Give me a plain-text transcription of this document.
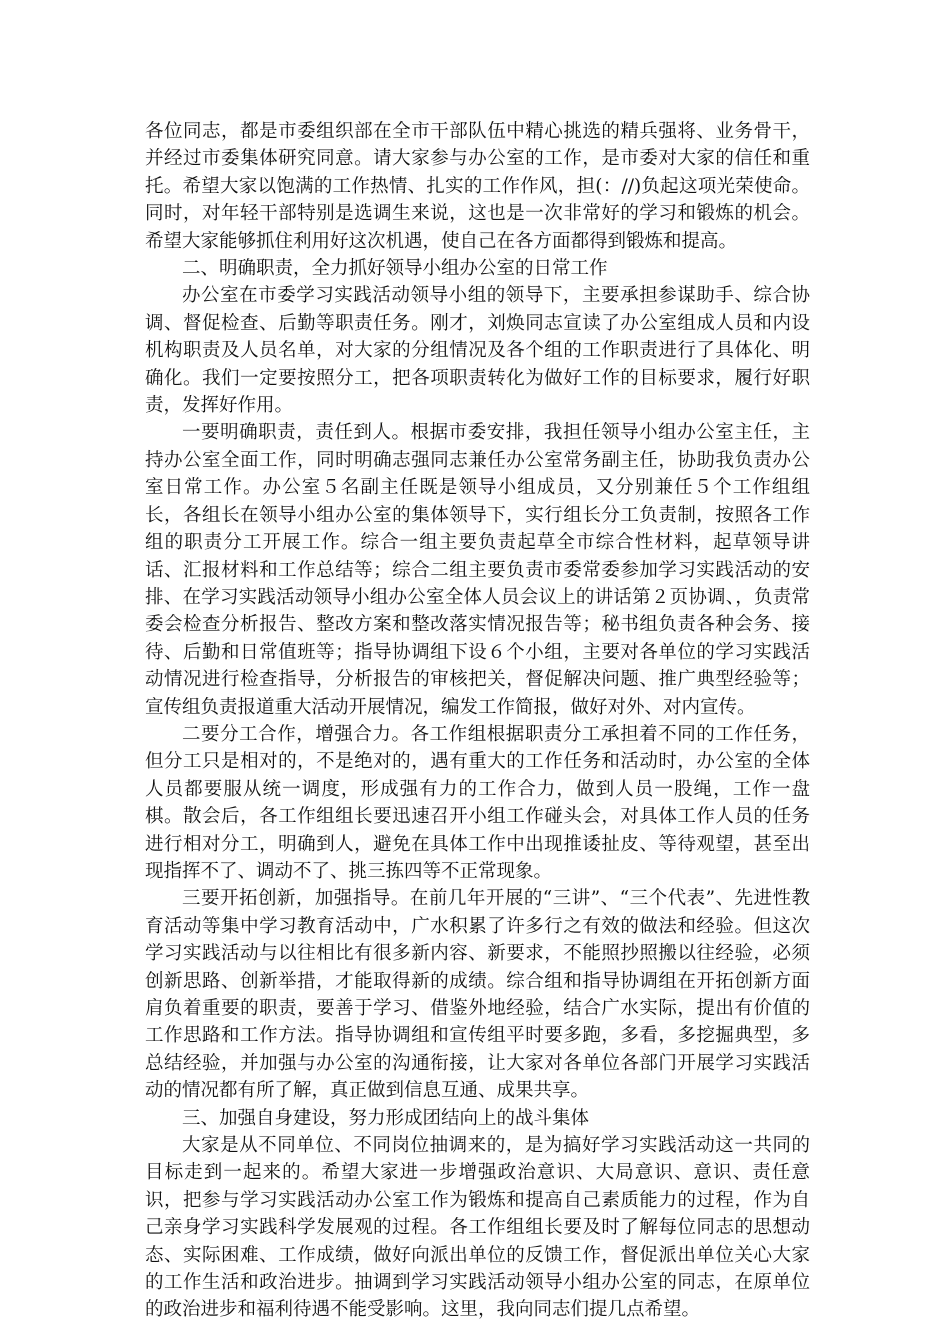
各位同志，都是市委组织部在全市干部队伍中精心挑选的精兵强将、业务骨干，并经过市委集体研究同意。请大家参与办公室的工作，是市委对大家的信任和重托。希望大家以饱满的工作热情、扎实的工作作风，担(：//)负起这项光荣使命。同时，对年轻干部特别是选调生来说，这也是一次非常好的学习和锻炼的机会。希望大家能够抓住利用好这次机遇，使自己在各方面都得到锻炼和提高。

二、明确职责，全力抓好领导小组办公室的日常工作

办公室在市委学习实践活动领导小组的领导下，主要承担参谋助手、综合协调、督促检查、后勤等职责任务。刚才，刘焕同志宣读了办公室组成人员和内设机构职责及人员名单，对大家的分组情况及各个组的工作职责进行了具体化、明确化。我们一定要按照分工，把各项职责转化为做好工作的目标要求，履行好职责，发挥好作用。

一要明确职责，责任到人。根据市委安排，我担任领导小组办公室主任，主持办公室全面工作，同时明确志强同志兼任办公室常务副主任，协助我负责办公室日常工作。办公室５名副主任既是领导小组成员，又分别兼任５个工作组组长，各组长在领导小组办公室的集体领导下，实行组长分工负责制，按照各工作组的职责分工开展工作。综合一组主要负责起草全市综合性材料，起草领导讲话、汇报材料和工作总结等；综合二组主要负责市委常委参加学习实践活动的安排、在学习实践活动领导小组办公室全体人员会议上的讲话第２页协调、，负责常委会检查分析报告、整改方案和整改落实情况报告等；秘书组负责各种会务、接待、后勤和日常值班等；指导协调组下设６个小组，主要对各单位的学习实践活动情况进行检查指导，分析报告的审核把关，督促解决问题、推广典型经验等；宣传组负责报道重大活动开展情况，编发工作简报，做好对外、对内宣传。

二要分工合作，增强合力。各工作组根据职责分工承担着不同的工作任务，但分工只是相对的，不是绝对的，遇有重大的工作任务和活动时，办公室的全体人员都要服从统一调度，形成强有力的工作合力，做到人员一股绳，工作一盘棋。散会后，各工作组组长要迅速召开小组工作碰头会，对具体工作人员的任务进行相对分工，明确到人，避免在具体工作中出现推诿扯皮、等待观望，甚至出现指挥不了、调动不了、挑三拣四等不正常现象。

三要开拓创新，加强指导。在前几年开展的“三讲”、“三个代表”、先进性教育活动等集中学习教育活动中，广水积累了许多行之有效的做法和经验。但这次学习实践活动与以往相比有很多新内容、新要求，不能照抄照搬以往经验，必须创新思路、创新举措，才能取得新的成绩。综合组和指导协调组在开拓创新方面肩负着重要的职责，要善于学习、借鉴外地经验，结合广水实际，提出有价值的工作思路和工作方法。指导协调组和宣传组平时要多跑，多看，多挖掘典型，多总结经验，并加强与办公室的沟通衔接，让大家对各单位各部门开展学习实践活动的情况都有所了解，真正做到信息互通、成果共享。

三、加强自身建设，努力形成团结向上的战斗集体

大家是从不同单位、不同岗位抽调来的，是为搞好学习实践活动这一共同的目标走到一起来的。希望大家进一步增强政治意识、大局意识、意识、责任意识，把参与学习实践活动办公室工作为锻炼和提高自己素质能力的过程，作为自己亲身学习实践科学发展观的过程。各工作组组长要及时了解每位同志的思想动态、实际困难、工作成绩，做好向派出单位的反馈工作，督促派出单位关心大家的工作生活和政治进步。抽调到学习实践活动领导小组办公室的同志，在原单位的政治进步和福利待遇不能受影响。这里，我向同志们提几点希望。
